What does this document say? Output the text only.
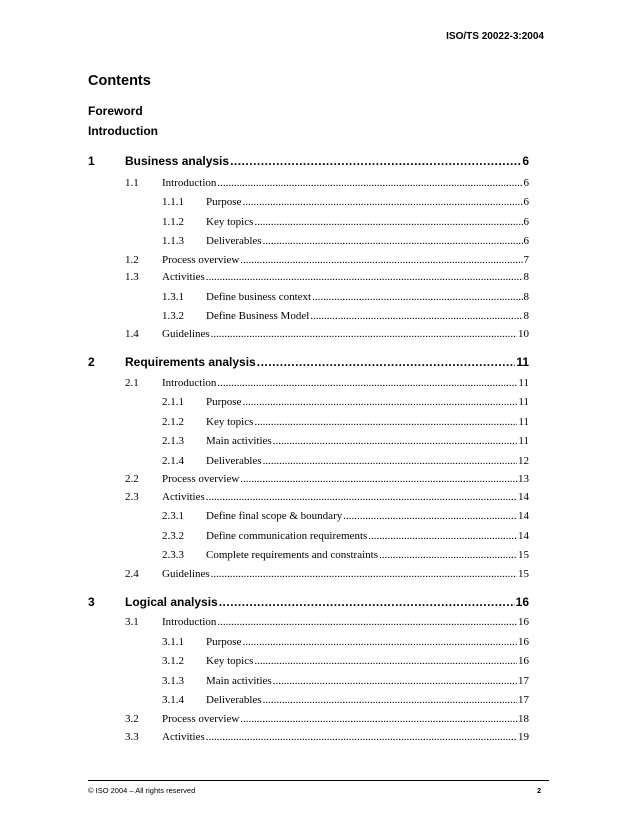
ISO/TS 20022-3:2004
Contents
Foreword
Introduction
1	Business analysis .....	6
1.1	Introduction .....	6
1.1.1	Purpose .....	6
1.1.2	Key topics .....	6
1.1.3	Deliverables .....	6
1.2	Process overview .....	7
1.3	Activities .....	8
1.3.1	Define business context .....	8
1.3.2	Define Business Model .....	8
1.4	Guidelines .....	10
2	Requirements analysis .....	11
2.1	Introduction .....	11
2.1.1	Purpose .....	11
2.1.2	Key topics .....	11
2.1.3	Main activities .....	11
2.1.4	Deliverables .....	12
2.2	Process overview .....	13
2.3	Activities .....	14
2.3.1	Define final scope & boundary .....	14
2.3.2	Define communication requirements .....	14
2.3.3	Complete requirements and constraints .....	15
2.4	Guidelines .....	15
3	Logical analysis .....	16
3.1	Introduction .....	16
3.1.1	Purpose .....	16
3.1.2	Key topics .....	16
3.1.3	Main activities .....	17
3.1.4	Deliverables .....	17
3.2	Process overview .....	18
3.3	Activities .....	19
© ISO 2004 – All rights reserved	2
